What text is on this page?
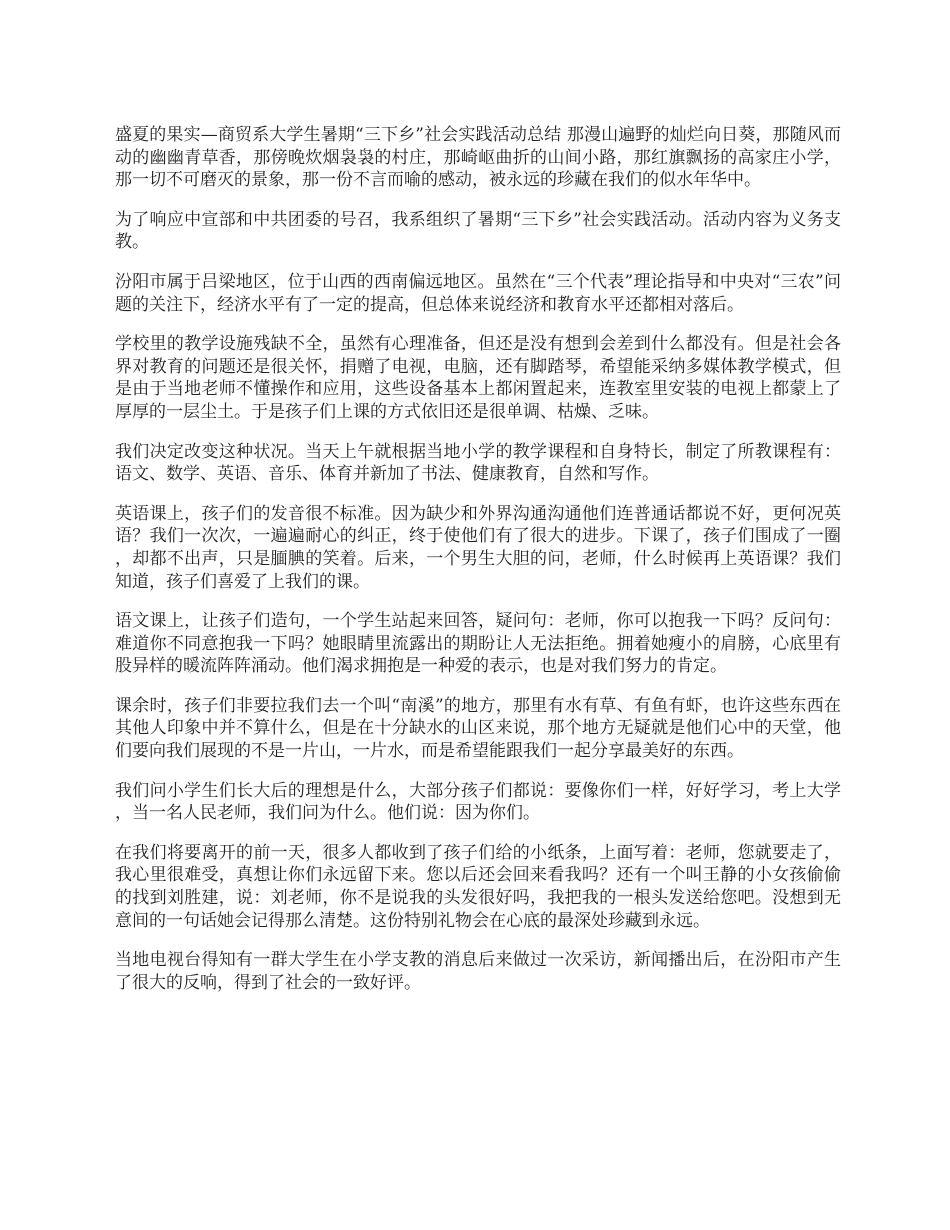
盛夏的果实—商贸系大学生暑期“三下乡”社会实践活动总结 那漫山遍野的灿烂向日葵，那随风而动的幽幽青草香，那傍晚炊烟袅袅的村庄，那崎岖曲折的山间小路，那红旗飘扬的高家庄小学，那一切不可磨灭的景象，那一份不言而喻的感动，被永远的珍藏在我们的似水年华中。

为了响应中宣部和中共团委的号召，我系组织了暑期“三下乡”社会实践活动。活动内容为义务支教。

汾阳市属于吕梁地区，位于山西的西南偏远地区。虽然在“三个代表”理论指导和中央对“三农”问题的关注下，经济水平有了一定的提高，但总体来说经济和教育水平还都相对落后。

学校里的教学设施残缺不全，虽然有心理准备，但还是没有想到会差到什么都没有。但是社会各界对教育的问题还是很关怀，捐赠了电视，电脑，还有脚踏琴，希望能采纳多媒体教学模式，但是由于当地老师不懂操作和应用，这些设备基本上都闲置起来，连教室里安装的电视上都蒙上了厚厚的一层尘土。于是孩子们上课的方式依旧还是很单调、枯燥、乏味。

我们决定改变这种状况。当天上午就根据当地小学的教学课程和自身特长，制定了所教课程有：语文、数学、英语、音乐、体育并新加了书法、健康教育，自然和写作。

英语课上，孩子们的发音很不标准。因为缺少和外界沟通沟通他们连普通话都说不好，更何况英语？我们一次次，一遍遍耐心的纠正，终于使他们有了很大的进步。下课了，孩子们围成了一圈，却都不出声，只是腼腆的笑着。后来，一个男生大胆的问，老师，什么时候再上英语课？我们知道，孩子们喜爱了上我们的课。

语文课上，让孩子们造句，一个学生站起来回答，疑问句：老师，你可以抱我一下吗？反问句：难道你不同意抱我一下吗？她眼睛里流露出的期盼让人无法拒绝。拥着她瘦小的肩膀，心底里有股异样的暖流阵阵涌动。他们渴求拥抱是一种爱的表示，也是对我们努力的肯定。

课余时，孩子们非要拉我们去一个叫“南溪”的地方，那里有水有草、有鱼有虾，也许这些东西在其他人印象中并不算什么，但是在十分缺水的山区来说，那个地方无疑就是他们心中的天堂，他们要向我们展现的不是一片山，一片水，而是希望能跟我们一起分享最美好的东西。

我们问小学生们长大后的理想是什么，大部分孩子们都说：要像你们一样，好好学习，考上大学，当一名人民老师，我们问为什么。他们说：因为你们。

在我们将要离开的前一天，很多人都收到了孩子们给的小纸条，上面写着：老师，您就要走了，我心里很难受，真想让你们永远留下来。您以后还会回来看我吗？还有一个叫王静的小女孩偷偷的找到刘胜建，说：刘老师，你不是说我的头发很好吗，我把我的一根头发送给您吧。没想到无意间的一句话她会记得那么清楚。这份特别礼物会在心底的最深处珍藏到永远。

当地电视台得知有一群大学生在小学支教的消息后来做过一次采访，新闻播出后，在汾阳市产生了很大的反响，得到了社会的一致好评。
